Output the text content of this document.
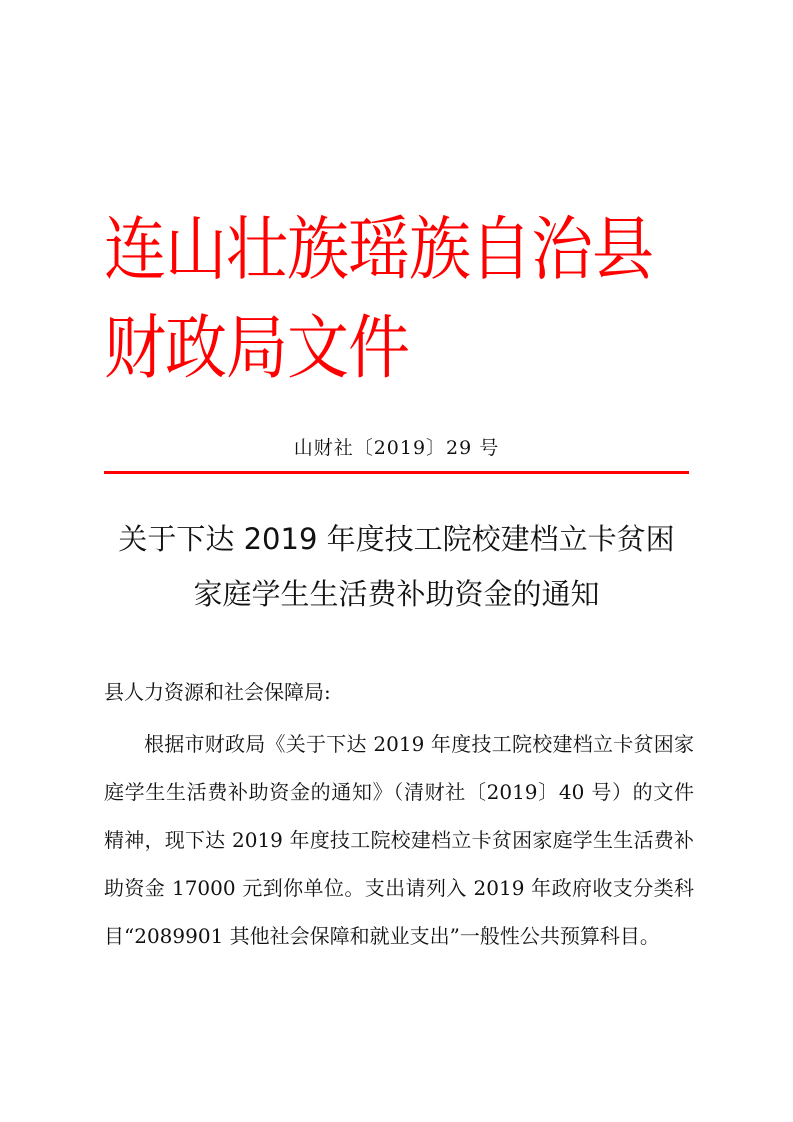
连山壮族瑶族自治县财政局文件
山财社〔2019〕29 号
关于下达 2019 年度技工院校建档立卡贫困
家庭学生生活费补助资金的通知
县人力资源和社会保障局:
根据市财政局《关于下达 2019 年度技工院校建档立卡贫困家庭学生生活费补助资金的通知》（清财社〔2019〕40 号）的文件精神，现下达 2019 年度技工院校建档立卡贫困家庭学生生活费补助资金 17000 元到你单位。支出请列入 2019 年政府收支分类科目“2089901 其他社会保障和就业支出”一般性公共预算科目。
